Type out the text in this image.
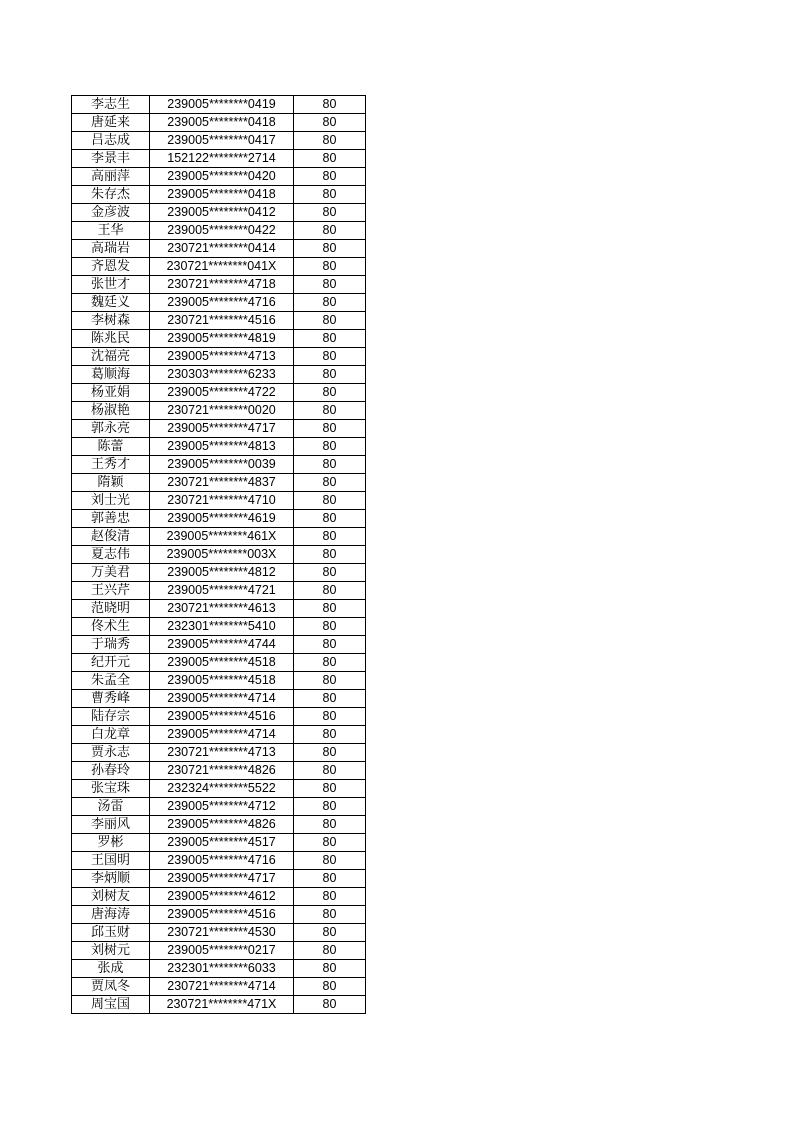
李志生	239005********0419	80
唐延来	239005********0418	80
吕志成	239005********0417	80
李景丰	152122********2714	80
高丽萍	239005********0420	80
朱存杰	239005********0418	80
金彦波	239005********0412	80
王华	239005********0422	80
高瑞岩	230721********0414	80
齐恩发	230721********041X	80
张世才	230721********4718	80
魏廷义	239005********4716	80
李树森	230721********4516	80
陈兆民	239005********4819	80
沈福亮	239005********4713	80
葛顺海	230303********6233	80
杨亚娟	239005********4722	80
杨淑艳	230721********0020	80
郭永亮	239005********4717	80
陈蕾	239005********4813	80
王秀才	239005********0039	80
隋颖	230721********4837	80
刘士光	230721********4710	80
郭善忠	239005********4619	80
赵俊清	239005********461X	80
夏志伟	239005********003X	80
万美君	239005********4812	80
王兴芹	239005********4721	80
范晓明	230721********4613	80
佟术生	232301********5410	80
于瑞秀	239005********4744	80
纪开元	239005********4518	80
朱孟全	239005********4518	80
曹秀峰	239005********4714	80
陆存宗	239005********4516	80
白龙章	239005********4714	80
贾永志	230721********4713	80
孙春玲	230721********4826	80
张宝珠	232324********5522	80
汤雷	239005********4712	80
李丽风	239005********4826	80
罗彬	239005********4517	80
王国明	239005********4716	80
李炳顺	239005********4717	80
刘树友	239005********4612	80
唐海涛	239005********4516	80
邱玉财	230721********4530	80
刘树元	239005********0217	80
张成	232301********6033	80
贾凤冬	230721********4714	80
周宝国	230721********471X	80
